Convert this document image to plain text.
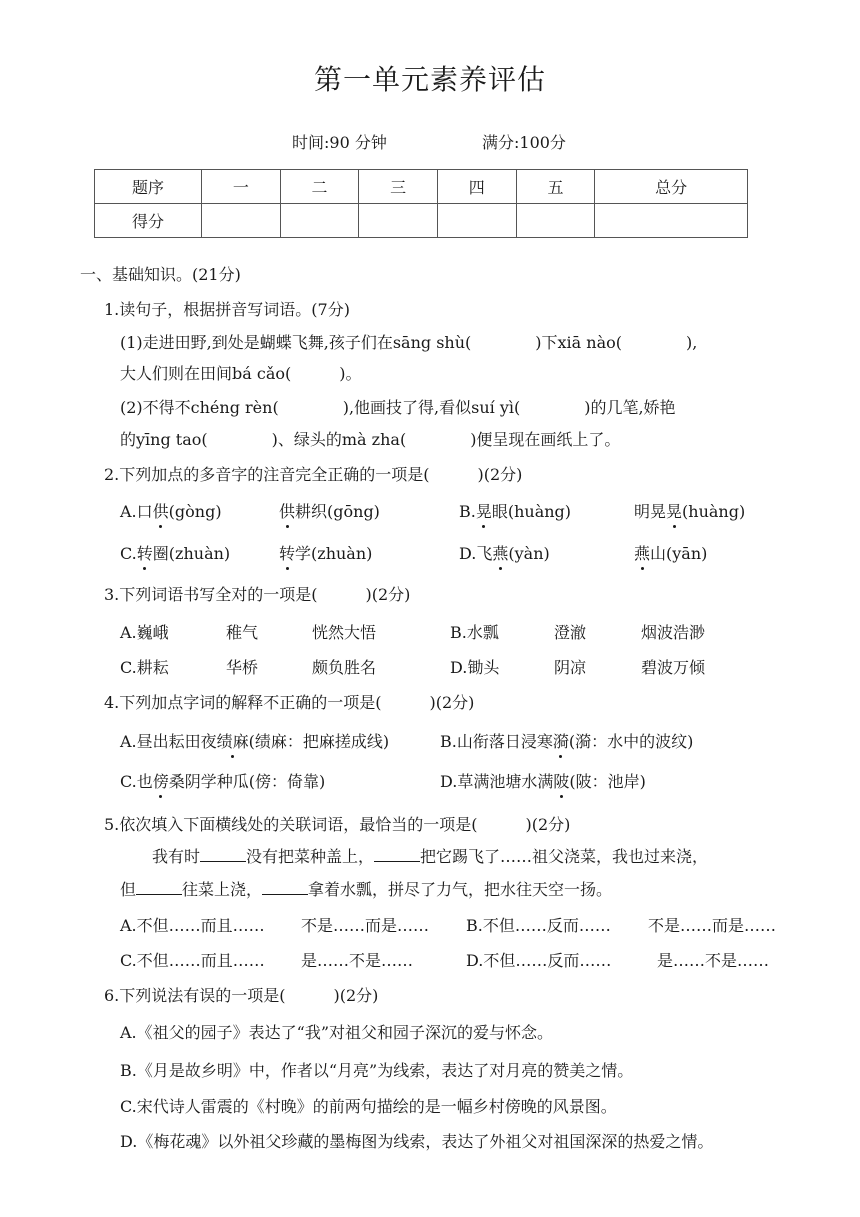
第一单元素养评估
时间:90 分钟	满分:100分
题序	一	二	三	四	五	总分
得分						
一、基础知识。(21分)
1.读句子，根据拼音写词语。(7分)
(1)走进田野,到处是蝴蝶飞舞,孩子们在sāng shù(　　　　)下xiā nào(　　　　),
大人们则在田间bá cǎo(　　　)。
(2)不得不chéng rèn(　　　　),他画技了得,看似suí yì(　　　　)的几笔,娇艳
的yīng tao(　　　　)、绿头的mà zha(　　　　)便呈现在画纸上了。
2.下列加点的多音字的注音完全正确的一项是(　　　)(2分)
A.口供(gòng)	供耕织(gōng)	B.晃眼(huàng)	明晃晃(huàng)
C.转圈(zhuàn)	转学(zhuàn)	D.飞燕(yàn)	燕山(yān)
3.下列词语书写全对的一项是(　　　)(2分)
A.巍峨	稚气	恍然大悟	B.水瓢	澄澈	烟波浩渺
C.耕耘	华桥	颇负胜名	D.锄头	阴凉	碧波万倾
4.下列加点字词的解释不正确的一项是(　　　)(2分)
A.昼出耘田夜绩麻(绩麻：把麻搓成线)	B.山衔落日浸寒漪(漪：水中的波纹)
C.也傍桑阴学种瓜(傍：倚靠)	D.草满池塘水满陂(陂：池岸)
5.依次填入下面横线处的关联词语，最恰当的一项是(　　　)(2分)
我有时	没有把菜种盖上，	把它踢飞了……祖父浇菜，我也过来浇，
但	往菜上浇，	拿着水瓢，拼尽了力气，把水往天空一扬。
A.不但……而且…… 不是……而是…… B.不但……反而…… 不是……而是……
C.不但……而且…… 是……不是……	D.不但……反而……	是……不是……
6.下列说法有误的一项是(　　　)(2分)
A.《祖父的园子》表达了“我”对祖父和园子深沉的爱与怀念。
B.《月是故乡明》中，作者以“月亮”为线索，表达了对月亮的赞美之情。
C.宋代诗人雷震的《村晚》的前两句描绘的是一幅乡村傍晚的风景图。
D.《梅花魂》以外祖父珍藏的墨梅图为线索，表达了外祖父对祖国深深的热爱之情。
